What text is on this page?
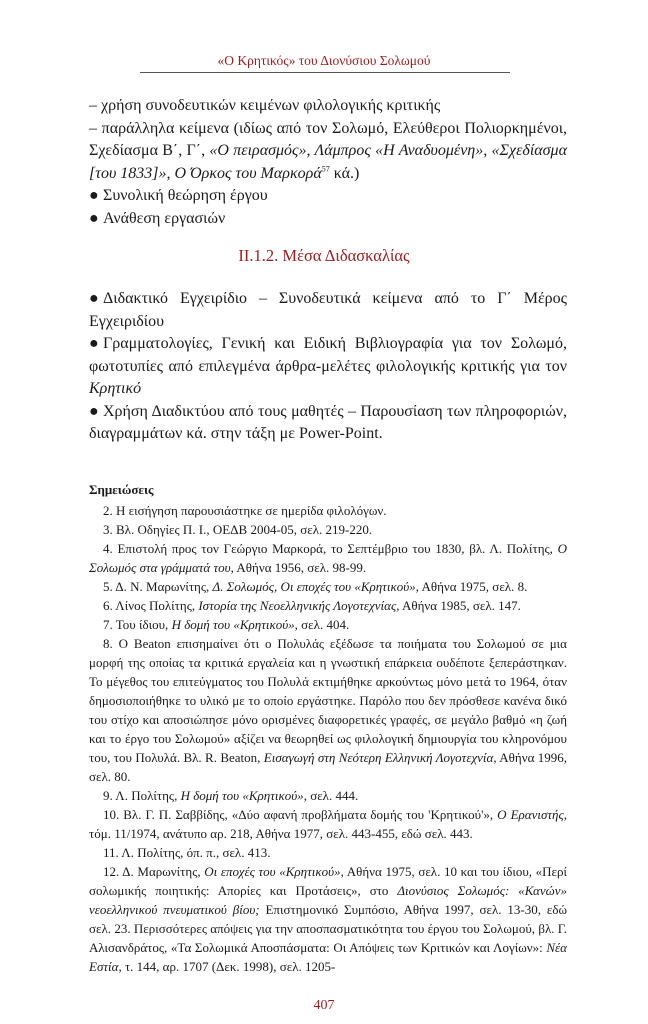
«Ο Κρητικός» του Διονύσιου Σολωμού

– χρήση συνοδευτικών κειμένων φιλολογικής κριτικής

– παράλληλα κείμενα (ιδίως από τον Σολωμό, Ελεύθεροι Πολιορκημένοι, Σχεδίασμα Β΄, Γ΄, «Ο πειρασμός», Λάμπρος «Η Αναδυομένη», «Σχεδίασμα [του 1833]», Ο Όρκος του Μαρκορά$^{57}$ κά.)

● Συνολική θεώρηση έργου

● Ανάθεση εργασιών

ΙΙ.1.2. Μέσα Διδασκαλίας

● Διδακτικό Εγχειρίδιο – Συνοδευτικά κείμενα από το Γ΄ Μέρος Εγχειριδίου

● Γραμματολογίες, Γενική και Ειδική Βιβλιογραφία για τον Σολωμό, φωτοτυπίες από επιλεγμένα άρθρα-μελέτες φιλολογικής κριτικής για τον Κρητικό

● Χρήση Διαδικτύου από τους μαθητές – Παρουσίαση των πληροφοριών, διαγραμμάτων κά. στην τάξη με Power-Point.

Σημειώσεις

2. Η εισήγηση παρουσιάστηκε σε ημερίδα φιλολόγων.

3. Βλ. Οδηγίες Π. Ι., ΟΕΔΒ 2004-05, σελ. 219-220.

4. Επιστολή προς τον Γεώργιο Μαρκορά, το Σεπτέμβριο του 1830, βλ. Λ. Πολίτης, Ο Σολωμός στα γράμματά του, Αθήνα 1956, σελ. 98-99.

5. Δ. Ν. Μαρωνίτης, Δ. Σολωμός, Οι εποχές του «Κρητικού», Αθήνα 1975, σελ. 8.

6. Λίνος Πολίτης, Ιστορία της Νεοελληνικής Λογοτεχνίας, Αθήνα 1985, σελ. 147.

7. Του ίδιου, Η δομή του «Κρητικού», σελ. 404.

8. Ο Beaton επισημαίνει ότι ο Πολυλάς εξέδωσε τα ποιήματα του Σολωμού σε μια μορφή της οποίας τα κριτικά εργαλεία και η γνωστική επάρκεια ουδέποτε ξεπεράστηκαν. Το μέγεθος του επιτεύγματος του Πολυλά εκτιμήθηκε αρκούντως μόνο μετά το 1964, όταν δημοσιοποιήθηκε το υλικό με το οποίο εργάστηκε. Παρόλο που δεν πρόσθεσε κανένα δικό του στίχο και αποσιώπησε μόνο ορισμένες διαφορετικές γραφές, σε μεγάλο βαθμό «η ζωή και το έργο του Σολωμού» αξίζει να θεωρηθεί ως φιλολογική δημιουργία του κληρονόμου του, του Πολυλά. Βλ. R. Beaton, Εισαγωγή στη Νεότερη Ελληνική Λογοτεχνία, Αθήνα 1996, σελ. 80.

9. Λ. Πολίτης, Η δομή του «Κρητικού», σελ. 444.

10. Βλ. Γ. Π. Σαββίδης, «Δύο αφανή προβλήματα δομής του 'Κρητικού'», Ο Ερανιστής, τόμ. 11/1974, ανάτυπο αρ. 218, Αθήνα 1977, σελ. 443-455, εδώ σελ. 443.

11. Λ. Πολίτης, όπ. π., σελ. 413.

12. Δ. Μαρωνίτης, Οι εποχές του «Κρητικού», Αθήνα 1975, σελ. 10 και του ίδιου, «Περί σολωμικής ποιητικής: Απορίες και Προτάσεις», στο Διονύσιος Σολωμός: «Κανών» νεοελληνικού πνευματικού βίου; Επιστημονικό Συμπόσιο, Αθήνα 1997, σελ. 13-30, εδώ σελ. 23. Περισσότερες απόψεις για την αποσπασματικότητα του έργου του Σολωμού, βλ. Γ. Αλισανδράτος, «Τα Σολωμικά Αποσπάσματα: Οι Απόψεις των Κριτικών και Λογίων»: Νέα Εστία, τ. 144, αρ. 1707 (Δεκ. 1998), σελ. 1205-

407
